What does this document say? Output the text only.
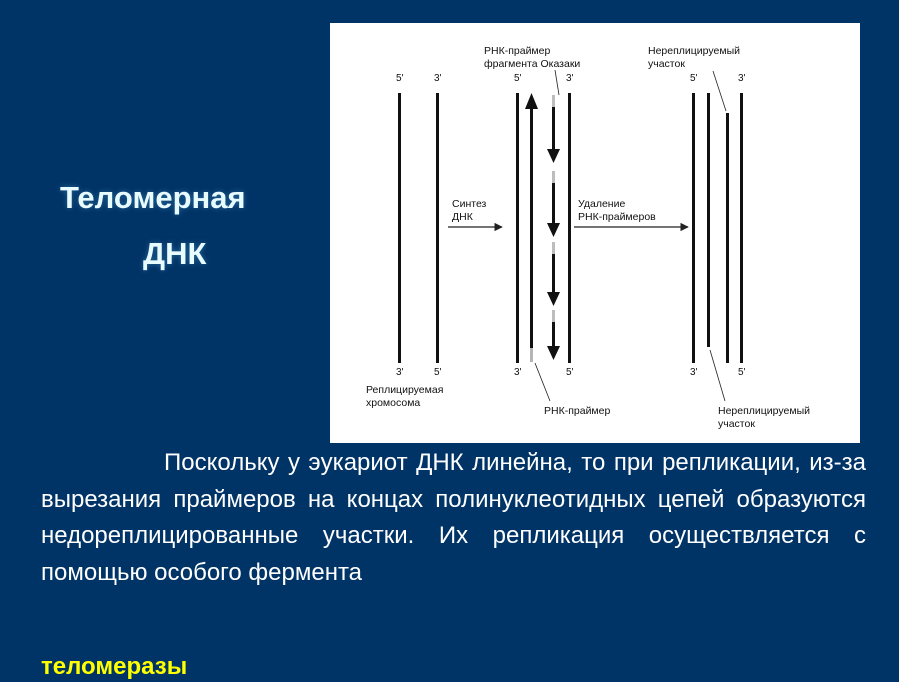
Теломерная
ДНК
5'	3'
3'	5'
Реплицируемая
хромосома
Синтез
ДНК
РНК-праймер
фрагмента Оказаки
5'	3'
3'	5'
РНК-праймер
Удаление
РНК-праймеров
Нереплицируемый
участок
5'	3'
3'	5'
Нереплицируемый
участок
Поскольку у эукариот ДНК линейна, то при репликации, из-за вырезания праймеров на концах полинуклеотидных цепей образуются недореплицированные участки. Их репликация осуществляется с помощью особого фермента
теломеразы
